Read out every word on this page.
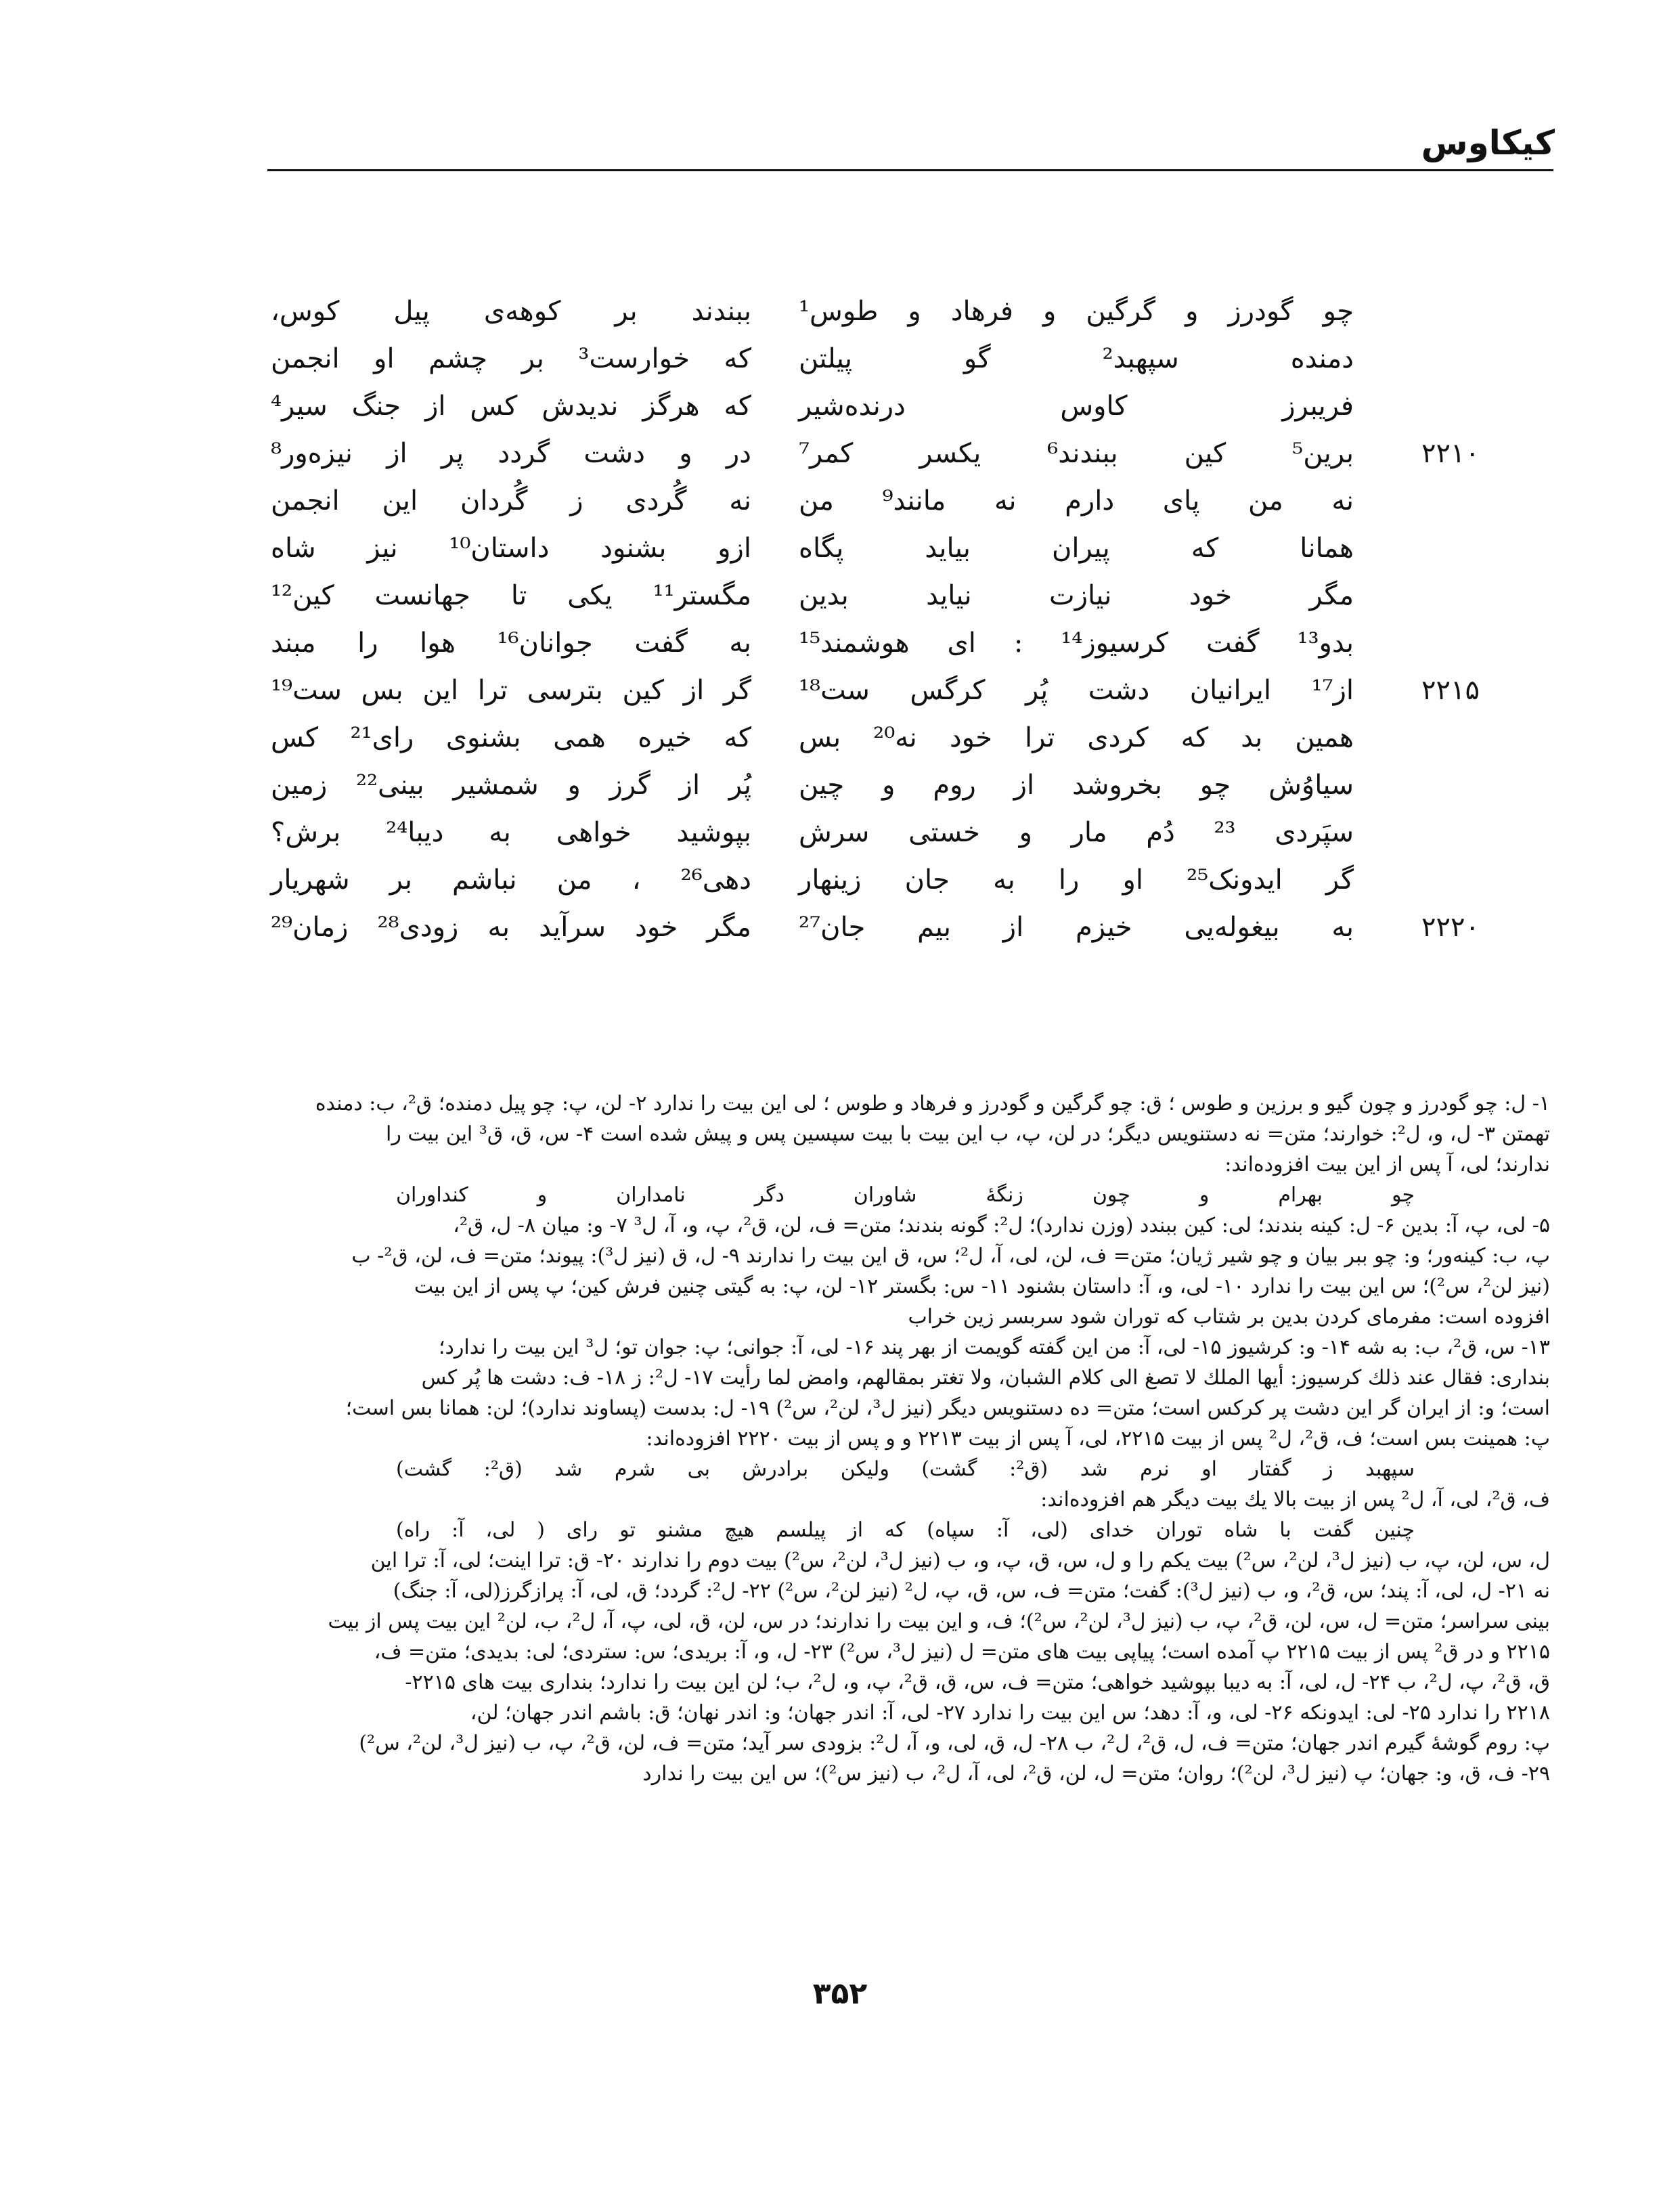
کیکاوس
چو گودرز و گرگین و فرهاد و طوس¹
ببندند بر کوهه‌ی پیل کوس،
دمنده سپهبد² گو پیلتن
که خوارست³ بر چشم او انجمن
فریبرز کاوس درنده‌شیر
که هرگز ندیدش کس از جنگ سیر⁴
۲۲۱۰
برین⁵ کین ببندند⁶ یکسر کمر⁷
در و دشت گردد پر از نیزه‌ور⁸
نه من پای دارم نه مانند⁹ من
نه گُردی ز گُردان این انجمن
همانا که پیران بیاید پگاه
ازو بشنود داستان¹⁰ نیز شاه
مگر خود نیازت نیاید بدین
مگستر¹¹ یکی تا جهانست کین¹²
بدو¹³ گفت کرسیوز¹⁴ : ای هوشمند¹⁵
به گفت جوانان¹⁶ هوا را مبند
۲۲۱۵
از¹⁷ ایرانیان دشت پُر کرگس ست¹⁸
گر از کین بترسی ترا این بس ست¹⁹
همین بد که کردی ترا خود نه²⁰ بس
که خیره همی بشنوی رای²¹ کس
سیاوُش چو بخروشد از روم و چین
پُر از گرز و شمشیر بینی²² زمین
سپَردی ²³ دُم مار و خستی سرش
بپوشید خواهی به دیبا²⁴ برش؟
گر ایدونک²⁵ او را به جان زینهار
دهی²⁶ ، من نباشم بر شهریار
۲۲۲۰
به بیغوله‌یی خیزم از بیم جان²⁷
مگر خود سرآید به زودی²⁸ زمان²⁹
۱- ل: چو گودرز و چون گیو و برزین و طوس ؛ ق: چو گرگین و گودرز و فرهاد و طوس ؛ لی این بیت را ندارد ۲- لن، پ: چو پیل دمنده؛ ق²، ب: دمنده
تهمتن ۳- ل، و، ل²: خوارند؛ متن= نه دستنویس دیگر؛ در لن، پ، ب این بیت با بیت سپسین پس و پیش شده است ۴- س، ق، ق³ این بیت را
ندارند؛ لی، آ پس از این بیت افزوده‌اند:
چو بهرام و چون زنگهٔ شاوران دگر نامداران و کنداوران
۵- لی، پ، آ: بدین ۶- ل: کینه بندند؛ لی: کین ببندد (وزن ندارد)؛ ل²: گونه بندند؛ متن= ف، لن، ق²، پ، و، آ، ل³ ۷- و: میان ۸- ل، ق²،
پ، ب: کینه‌ور؛ و: چو ببر بیان و چو شیر ژیان؛ متن= ف، لن، لی، آ، ل²؛ س، ق این بیت را ندارند ۹- ل، ق (نیز ل³): پیوند؛ متن= ف، لن، ق²- ب
(نیز لن²، س²)؛ س این بیت را ندارد ۱۰- لی، و، آ: داستان بشنود ۱۱- س: بگستر ۱۲- لن، پ: به گیتی چنین فرش کین؛ پ پس از این بیت
افزوده است: مفرمای کردن بدین بر شتاب که توران شود سربسر زین خراب
۱۳- س، ق²، ب: به شه ۱۴- و: کرشیوز ۱۵- لی، آ: من این گفته گویمت از بهر پند ۱۶- لی، آ: جوانی؛ پ: جوان تو؛ ل³ این بیت را ندارد؛
بنداری: فقال عند ذلك كرسيوز: أيها الملك لا تصغ الى كلام الشبان، ولا تغتر بمقالهم، وامض لما رأيت ۱۷- ل²: ز ۱۸- ف: دشت ها پُر کس
است؛ و: از ایران گر این دشت پر کرکس است؛ متن= ده دستنویس دیگر (نیز ل³، لن²، س²) ۱۹- ل: بدست (پساوند ندارد)؛ لن: همانا بس است؛
پ: همینت بس است؛ ف، ق²، ل² پس از بیت ۲۲۱۵، لی، آ پس از بیت ۲۲۱۳ و و پس از بیت ۲۲۲۰ افزوده‌اند:
سپهبد ز گفتار او نرم شد (ق²: گشت) ولیکن برادرش بی شرم شد (ق²: گشت)
ف، ق²، لی، آ، ل² پس از بیت بالا یك بیت دیگر هم افزوده‌اند:
چنین گفت با شاه توران خدای (لی، آ: سپاه) که از پیلسم هیچ مشنو تو رای ( لی، آ: راه)
ل، س، لن، پ، ب (نیز ل³، لن²، س²) بیت یکم را و ل، س، ق، پ، و، ب (نیز ل³، لن²، س²) بیت دوم را ندارند ۲۰- ق: ترا اینت؛ لی، آ: ترا این
نه ۲۱- ل، لی، آ: پند؛ س، ق²، و، ب (نیز ل³): گفت؛ متن= ف، س، ق، پ، ل² (نیز لن²، س²) ۲۲- ل²: گردد؛ ق، لی، آ: پرازگرز(لی، آ: جنگ)
بینی سراسر؛ متن= ل، س، لن، ق²، پ، ب (نیز ل³، لن²، س²)؛ ف، و این بیت را ندارند؛ در س، لن، ق، لی، پ، آ، ل²، ب، لن² این بیت پس از بیت
۲۲۱۵ و در ق² پس از بیت ۲۲۱۵ پ آمده است؛ پیاپی بیت های متن= ل (نیز ل³، س²) ۲۳- ل، و، آ: بریدی؛ س: ستردی؛ لی: بدیدی؛ متن= ف،
ق، ق²، پ، ل²، ب ۲۴- ل، لی، آ: به دیبا بپوشید خواهی؛ متن= ف، س، ق، ق²، پ، و، ل²، ب؛ لن این بیت را ندارد؛ بنداری بیت های ۲۲۱۵-
۲۲۱۸ را ندارد ۲۵- لی: ایدونکه ۲۶- لی، و، آ: دهد؛ س این بیت را ندارد ۲۷- لی، آ: اندر جهان؛ و: اندر نهان؛ ق: باشم اندر جهان؛ لن،
پ: روم گوشهٔ گیرم اندر جهان؛ متن= ف، ل، ق²، ل²، ب ۲۸- ل، ق، لی، و، آ، ل²: بزودی سر آید؛ متن= ف، لن، ق²، پ، ب (نیز ل³، لن²، س²)
۲۹- ف، ق، و: جهان؛ پ (نیز ل³، لن²)؛ روان؛ متن= ل، لن، ق²، لی، آ، ل²، ب (نیز س²)؛ س این بیت را ندارد
۳۵۲
